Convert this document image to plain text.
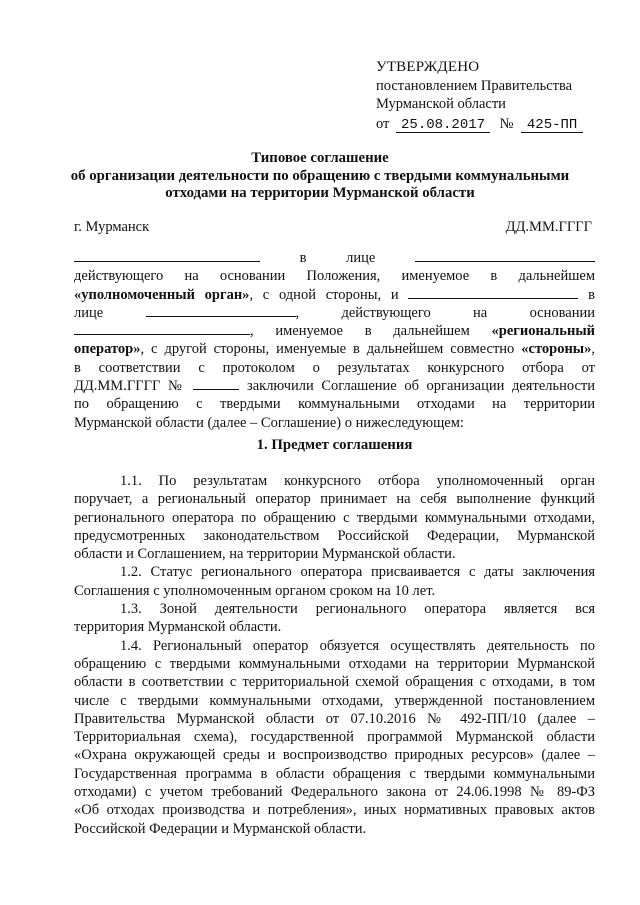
УТВЕРЖДЕНО
постановлением Правительства
Мурманской области
от 25.08.2017 № 425-ПП
Типовое соглашение
об организации деятельности по обращению с твердыми коммунальными
отходами на территории Мурманской области
г. Мурманск	ДД.ММ.ГГГГ
в	лице
действующего на основании Положения, именуемое в дальнейшем
«уполномоченный орган», с одной стороны, и	в
лице	,	действующего	на	основании
, именуемое в дальнейшем «региональный
оператор», с другой стороны, именуемые в дальнейшем совместно «стороны»,
в соответствии с протоколом о результатах конкурсного отбора от
ДД.ММ.ГГГГ №	заключили Соглашение об организации деятельности
по обращению с твердыми коммунальными отходами на территории
Мурманской области (далее – Соглашение) о нижеследующем:
1. Предмет соглашения
1.1. По результатам конкурсного отбора уполномоченный орган
поручает, а региональный оператор принимает на себя выполнение функций
регионального оператора по обращению с твердыми коммунальными отходами,
предусмотренных законодательством Российской Федерации, Мурманской
области и Соглашением, на территории Мурманской области.
1.2. Статус регионального оператора присваивается с даты заключения
Соглашения с уполномоченным органом сроком на 10 лет.
1.3. Зоной деятельности регионального оператора является вся
территория Мурманской области.
1.4. Региональный оператор обязуется осуществлять деятельность по
обращению с твердыми коммунальными отходами на территории Мурманской
области в соответствии с территориальной схемой обращения с отходами, в том
числе с твердыми коммунальными отходами, утвержденной постановлением
Правительства Мурманской области от 07.10.2016 № 492-ПП/10 (далее –
Территориальная схема), государственной программой Мурманской области
«Охрана окружающей среды и воспроизводство природных ресурсов» (далее –
Государственная программа в области обращения с твердыми коммунальными
отходами) с учетом требований Федерального закона от 24.06.1998 № 89-ФЗ
«Об отходах производства и потребления», иных нормативных правовых актов
Российской Федерации и Мурманской области.
